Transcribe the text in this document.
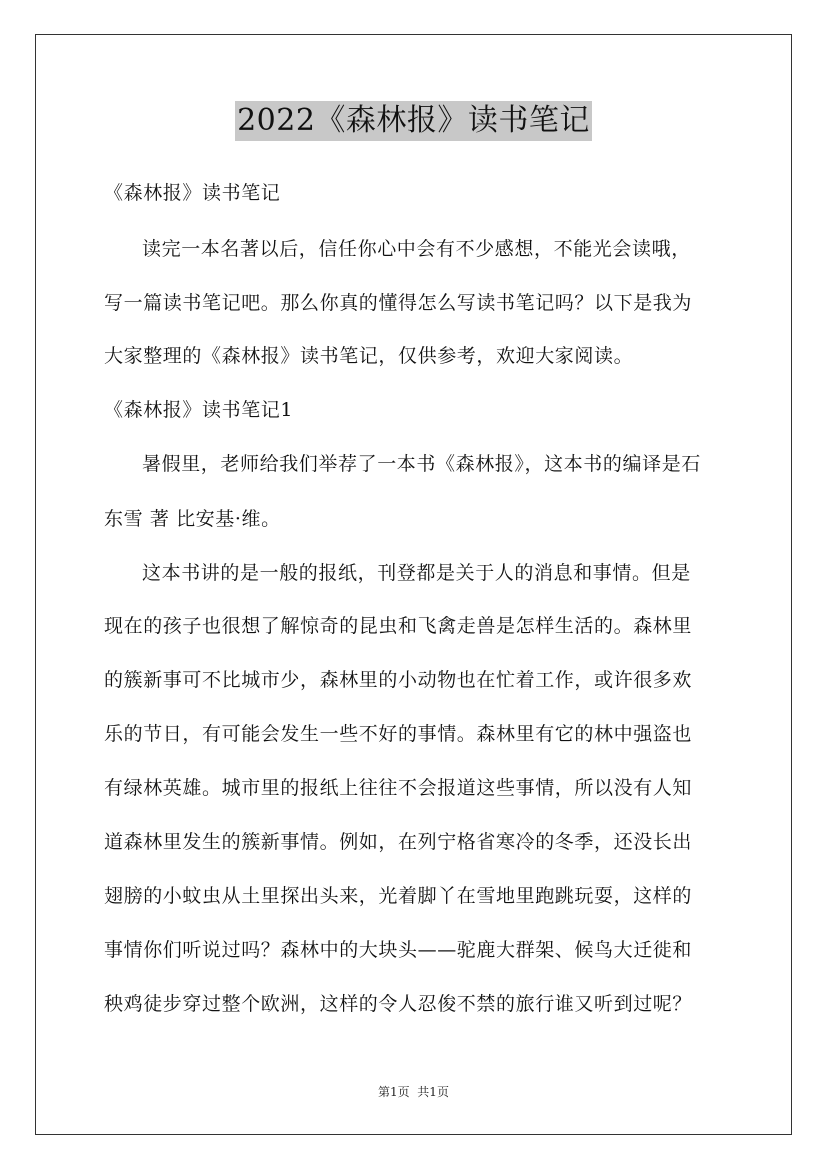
2022《森林报》读书笔记
《森林报》读书笔记
读完一本名著以后，信任你心中会有不少感想，不能光会读哦，
写一篇读书笔记吧。那么你真的懂得怎么写读书笔记吗？以下是我为
大家整理的《森林报》读书笔记，仅供参考，欢迎大家阅读。
《森林报》读书笔记1
暑假里，老师给我们举荐了一本书《森林报》，这本书的编译是石
东雪 著 比安基·维。
这本书讲的是一般的报纸，刊登都是关于人的消息和事情。但是
现在的孩子也很想了解惊奇的昆虫和飞禽走兽是怎样生活的。森林里
的簇新事可不比城市少，森林里的小动物也在忙着工作，或许很多欢
乐的节日，有可能会发生一些不好的事情。森林里有它的林中强盗也
有绿林英雄。城市里的报纸上往往不会报道这些事情，所以没有人知
道森林里发生的簇新事情。例如，在列宁格省寒冷的冬季，还没长出
翅膀的小蚊虫从土里探出头来，光着脚丫在雪地里跑跳玩耍，这样的
事情你们听说过吗？森林中的大块头——驼鹿大群架、候鸟大迁徙和
秧鸡徒步穿过整个欧洲，这样的令人忍俊不禁的旅行谁又听到过呢？
第1页  共1页
